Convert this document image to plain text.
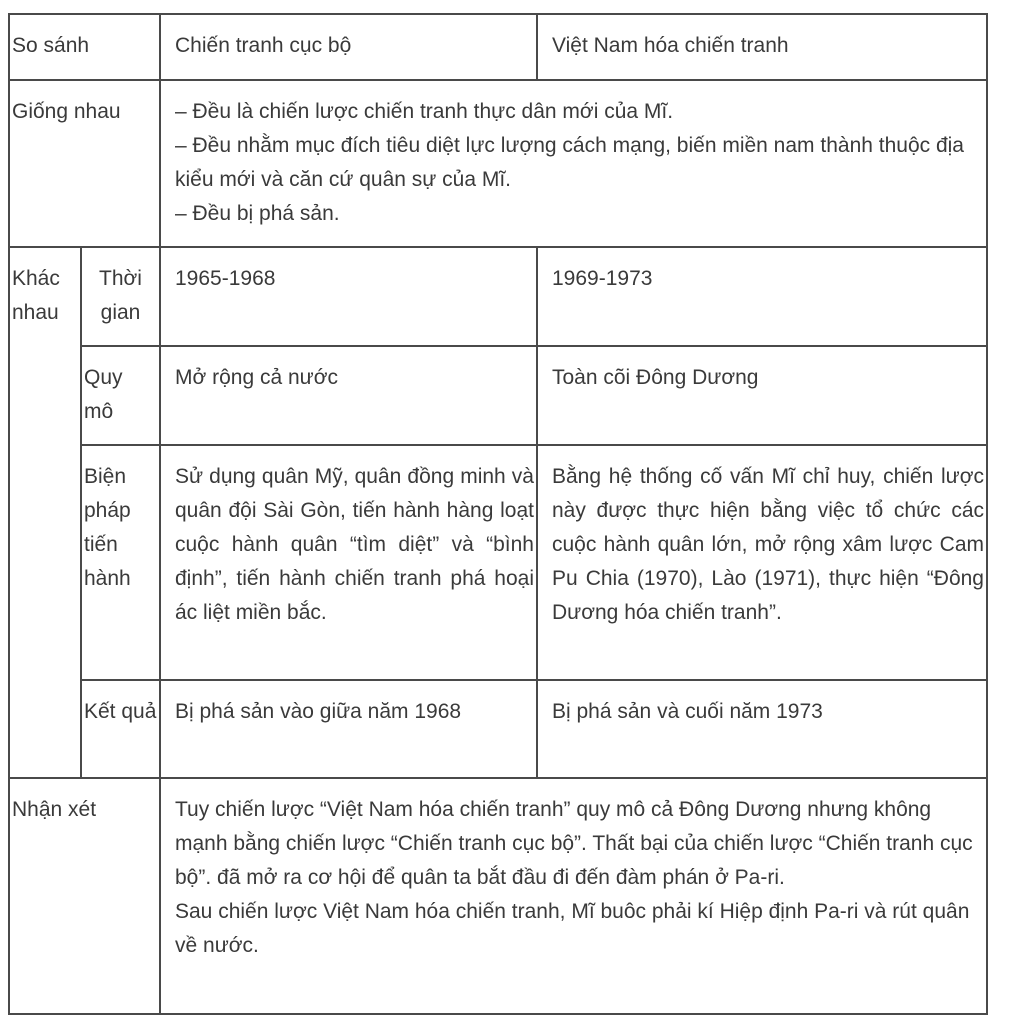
So sánh		Chiến tranh cục bộ	Việt Nam hóa chiến tranh
Giống nhau		– Đều là chiến lược chiến tranh thực dân mới của Mĩ.
– Đều nhằm mục đích tiêu diệt lực lượng cách mạng, biến miền nam thành thuộc địa kiểu mới và căn cứ quân sự của Mĩ.
– Đều bị phá sản.	

Khác nhau	Thời gian	1965-1968	1969-1973
	Quy mô	Mở rộng cả nước	Toàn cõi Đông Dương
	Biện pháp tiến hành	Sử dụng quân Mỹ, quân đồng minh và quân đội Sài Gòn, tiến hành hàng loạt cuộc hành quân “tìm diệt” và “bình định”, tiến hành chiến tranh phá hoại ác liệt miền bắc.	Bằng hệ thống cố vấn Mĩ chỉ huy, chiến lược này được thực hiện bằng việc tổ chức các cuộc hành quân lớn, mở rộng xâm lược Cam Pu Chia (1970), Lào (1971), thực hiện “Đông Dương hóa chiến tranh”.
	Kết quả	Bị phá sản vào giữa năm 1968	Bị phá sản và cuối năm 1973
Nhận xét		Tuy chiến lược “Việt Nam hóa chiến tranh” quy mô cả Đông Dương nhưng không mạnh bằng chiến lược “Chiến tranh cục bộ”. Thất bại của chiến lược “Chiến tranh cục bộ”. đã mở ra cơ hội để quân ta bắt đầu đi đến đàm phán ở Pa-ri.
Sau chiến lược Việt Nam hóa chiến tranh, Mĩ buôc phải kí Hiệp định Pa-ri và rút quân về nước.	
